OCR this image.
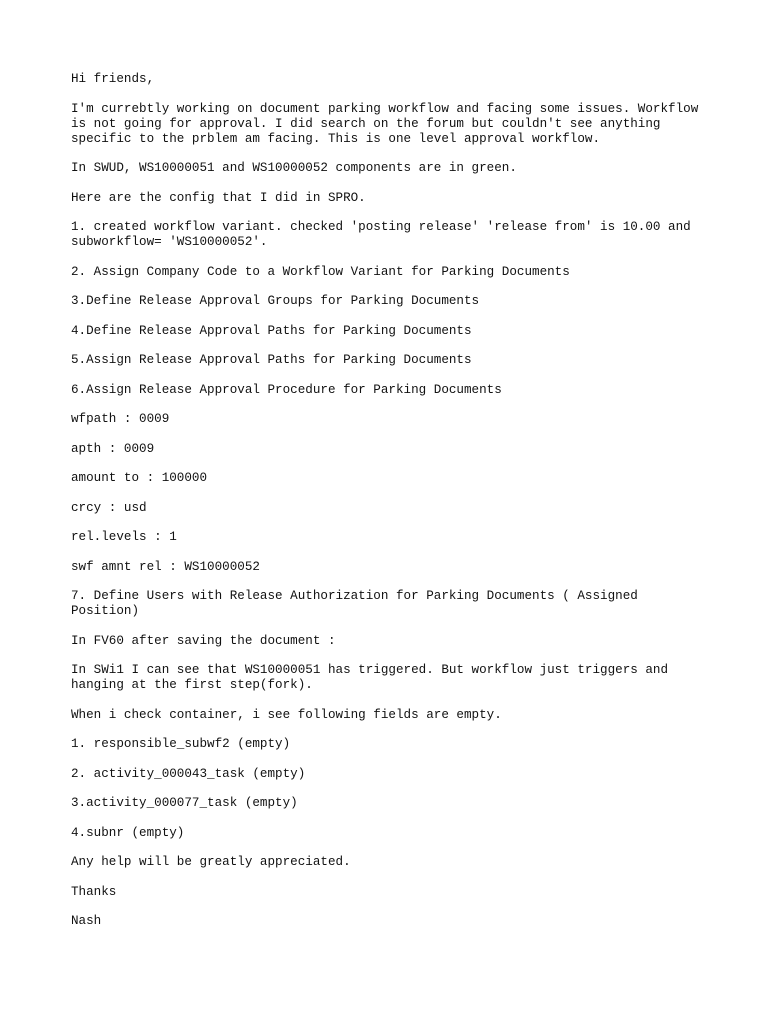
Hi friends,

I'm currebtly working on document parking workflow and facing some issues. Workflow
is not going for approval. I did search on the forum but couldn't see anything
specific to the prblem am facing. This is one level approval workflow.

In SWUD, WS10000051 and WS10000052 components are in green.

Here are the config that I did in SPRO.

1. created workflow variant. checked 'posting release' 'release from' is 10.00 and
subworkflow= 'WS10000052'.

2. Assign Company Code to a Workflow Variant for Parking Documents

3.Define Release Approval Groups for Parking Documents

4.Define Release Approval Paths for Parking Documents

5.Assign Release Approval Paths for Parking Documents

6.Assign Release Approval Procedure for Parking Documents

wfpath : 0009

apth : 0009

amount to : 100000

crcy : usd

rel.levels : 1

swf amnt rel : WS10000052

7. Define Users with Release Authorization for Parking Documents ( Assigned
Position)

In FV60 after saving the document :

In SWi1 I can see that WS10000051 has triggered. But workflow just triggers and
hanging at the first step(fork).

When i check container, i see following fields are empty.

1. responsible_subwf2 (empty)

2. activity_000043_task (empty)

3.activity_000077_task (empty)

4.subnr (empty)

Any help will be greatly appreciated.

Thanks

Nash
